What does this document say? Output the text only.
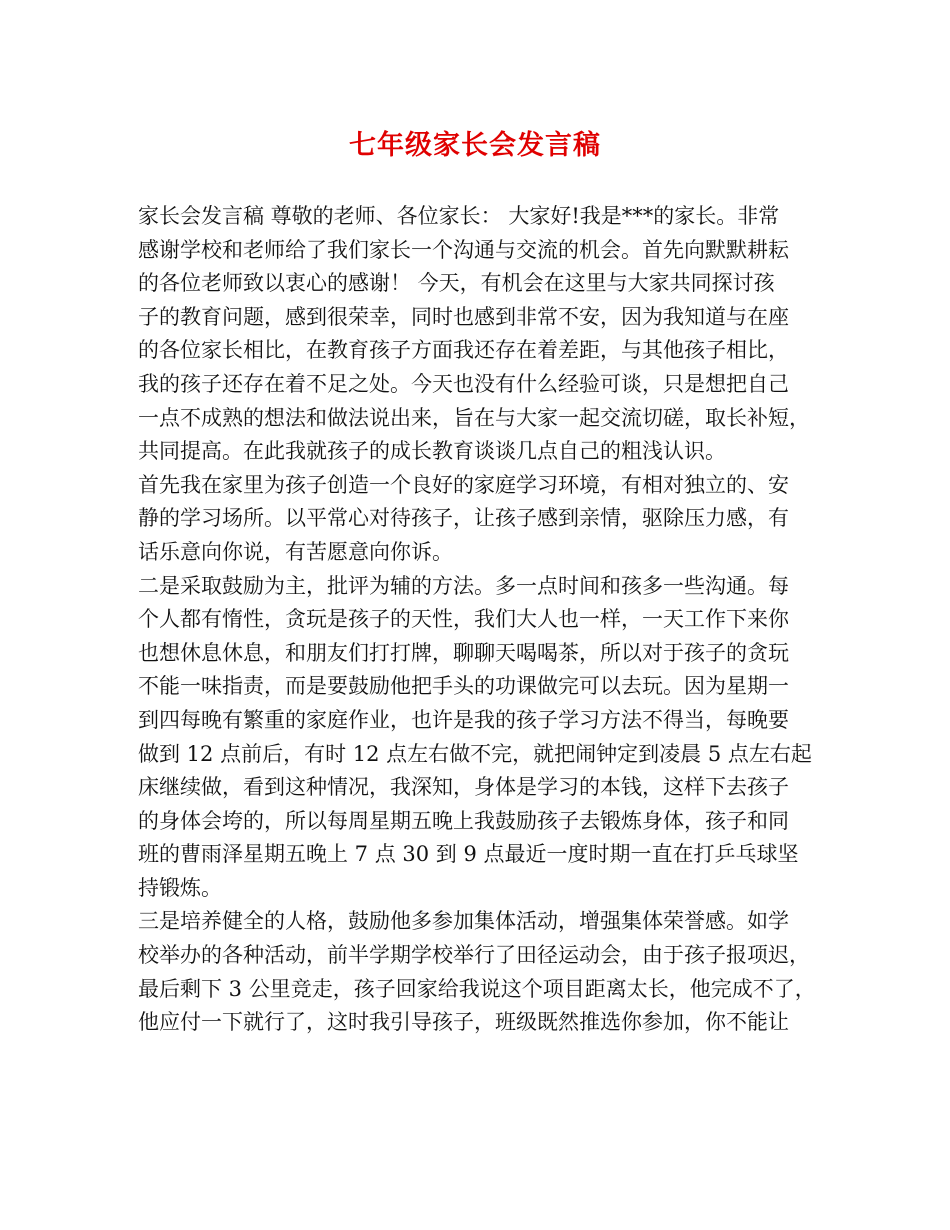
七年级家长会发言稿
家长会发言稿 尊敬的老师、各位家长： 大家好!我是***的家长。非常
感谢学校和老师给了我们家长一个沟通与交流的机会。首先向默默耕耘
的各位老师致以衷心的感谢！ 今天，有机会在这里与大家共同探讨孩
子的教育问题，感到很荣幸，同时也感到非常不安，因为我知道与在座
的各位家长相比，在教育孩子方面我还存在着差距，与其他孩子相比，
我的孩子还存在着不足之处。今天也没有什么经验可谈，只是想把自己
一点不成熟的想法和做法说出来，旨在与大家一起交流切磋，取长补短，
共同提高。在此我就孩子的成长教育谈谈几点自己的粗浅认识。
首先我在家里为孩子创造一个良好的家庭学习环境，有相对独立的、安
静的学习场所。以平常心对待孩子，让孩子感到亲情，驱除压力感，有
话乐意向你说，有苦愿意向你诉。
二是采取鼓励为主，批评为辅的方法。多一点时间和孩多一些沟通。每
个人都有惰性，贪玩是孩子的天性，我们大人也一样，一天工作下来你
也想休息休息，和朋友们打打牌，聊聊天喝喝茶，所以对于孩子的贪玩
不能一味指责，而是要鼓励他把手头的功课做完可以去玩。因为星期一
到四每晚有繁重的家庭作业，也许是我的孩子学习方法不得当，每晚要
做到 12 点前后，有时 12 点左右做不完，就把闹钟定到凌晨 5 点左右起
床继续做，看到这种情况，我深知，身体是学习的本钱，这样下去孩子
的身体会垮的，所以每周星期五晚上我鼓励孩子去锻炼身体，孩子和同
班的曹雨泽星期五晚上 7 点 30 到 9 点最近一度时期一直在打乒乓球坚
持锻炼。
三是培养健全的人格，鼓励他多参加集体活动，增强集体荣誉感。如学
校举办的各种活动，前半学期学校举行了田径运动会，由于孩子报项迟，
最后剩下 3 公里竞走，孩子回家给我说这个项目距离太长，他完成不了，
他应付一下就行了，这时我引导孩子，班级既然推选你参加，你不能让
